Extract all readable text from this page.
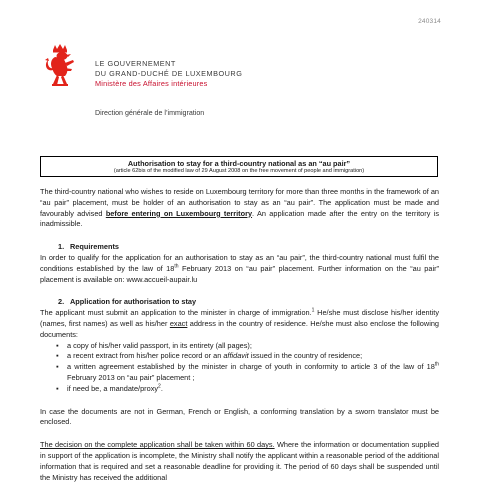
240314
LE GOUVERNEMENT
DU GRAND-DUCHÉ DE LUXEMBOURG
Ministère des Affaires intérieures
Direction générale de l’immigration
Authorisation to stay for a third-country national as an “au pair”
(article 62bis of the modified law of 29 August 2008 on the free movement of people and immigration)

The third-country national who wishes to reside on Luxembourg territory for more than three months in the framework of an “au pair” placement, must be holder of an authorisation to stay as an “au pair”. The application must be made and favourably advised before entering on Luxembourg territory. An application made after the entry on the territory is inadmissible.

1. Requirements

In order to qualify for the application for an authorisation to stay as an “au pair”, the third-country national must fulfil the conditions established by the law of 18th February 2013 on “au pair” placement. Further information on the “au pair” placement is available on: www.accueil-aupair.lu

2. Application for authorisation to stay

The applicant must submit an application to the minister in charge of immigration.$^1$ He/she must disclose his/her identity (names, first names) as well as his/her exact address in the country of residence. He/she must also enclose the following documents:

▪ a copy of his/her valid passport, in its entirety (all pages);
▪ a recent extract from his/her police record or an affidavit issued in the country of residence;
▪ a written agreement established by the minister in charge of youth in conformity to article 3 of the law of 18th February 2013 on “au pair” placement ;
▪ if need be, a mandate/proxy$^2$.

In case the documents are not in German, French or English, a conforming translation by a sworn translator must be enclosed.

The decision on the complete application shall be taken within 60 days. Where the information or documentation supplied in support of the application is incomplete, the Ministry shall notify the applicant within a reasonable period of the additional information that is required and set a reasonable deadline for providing it. The period of 60 days shall be suspended until the Ministry has received the additional
